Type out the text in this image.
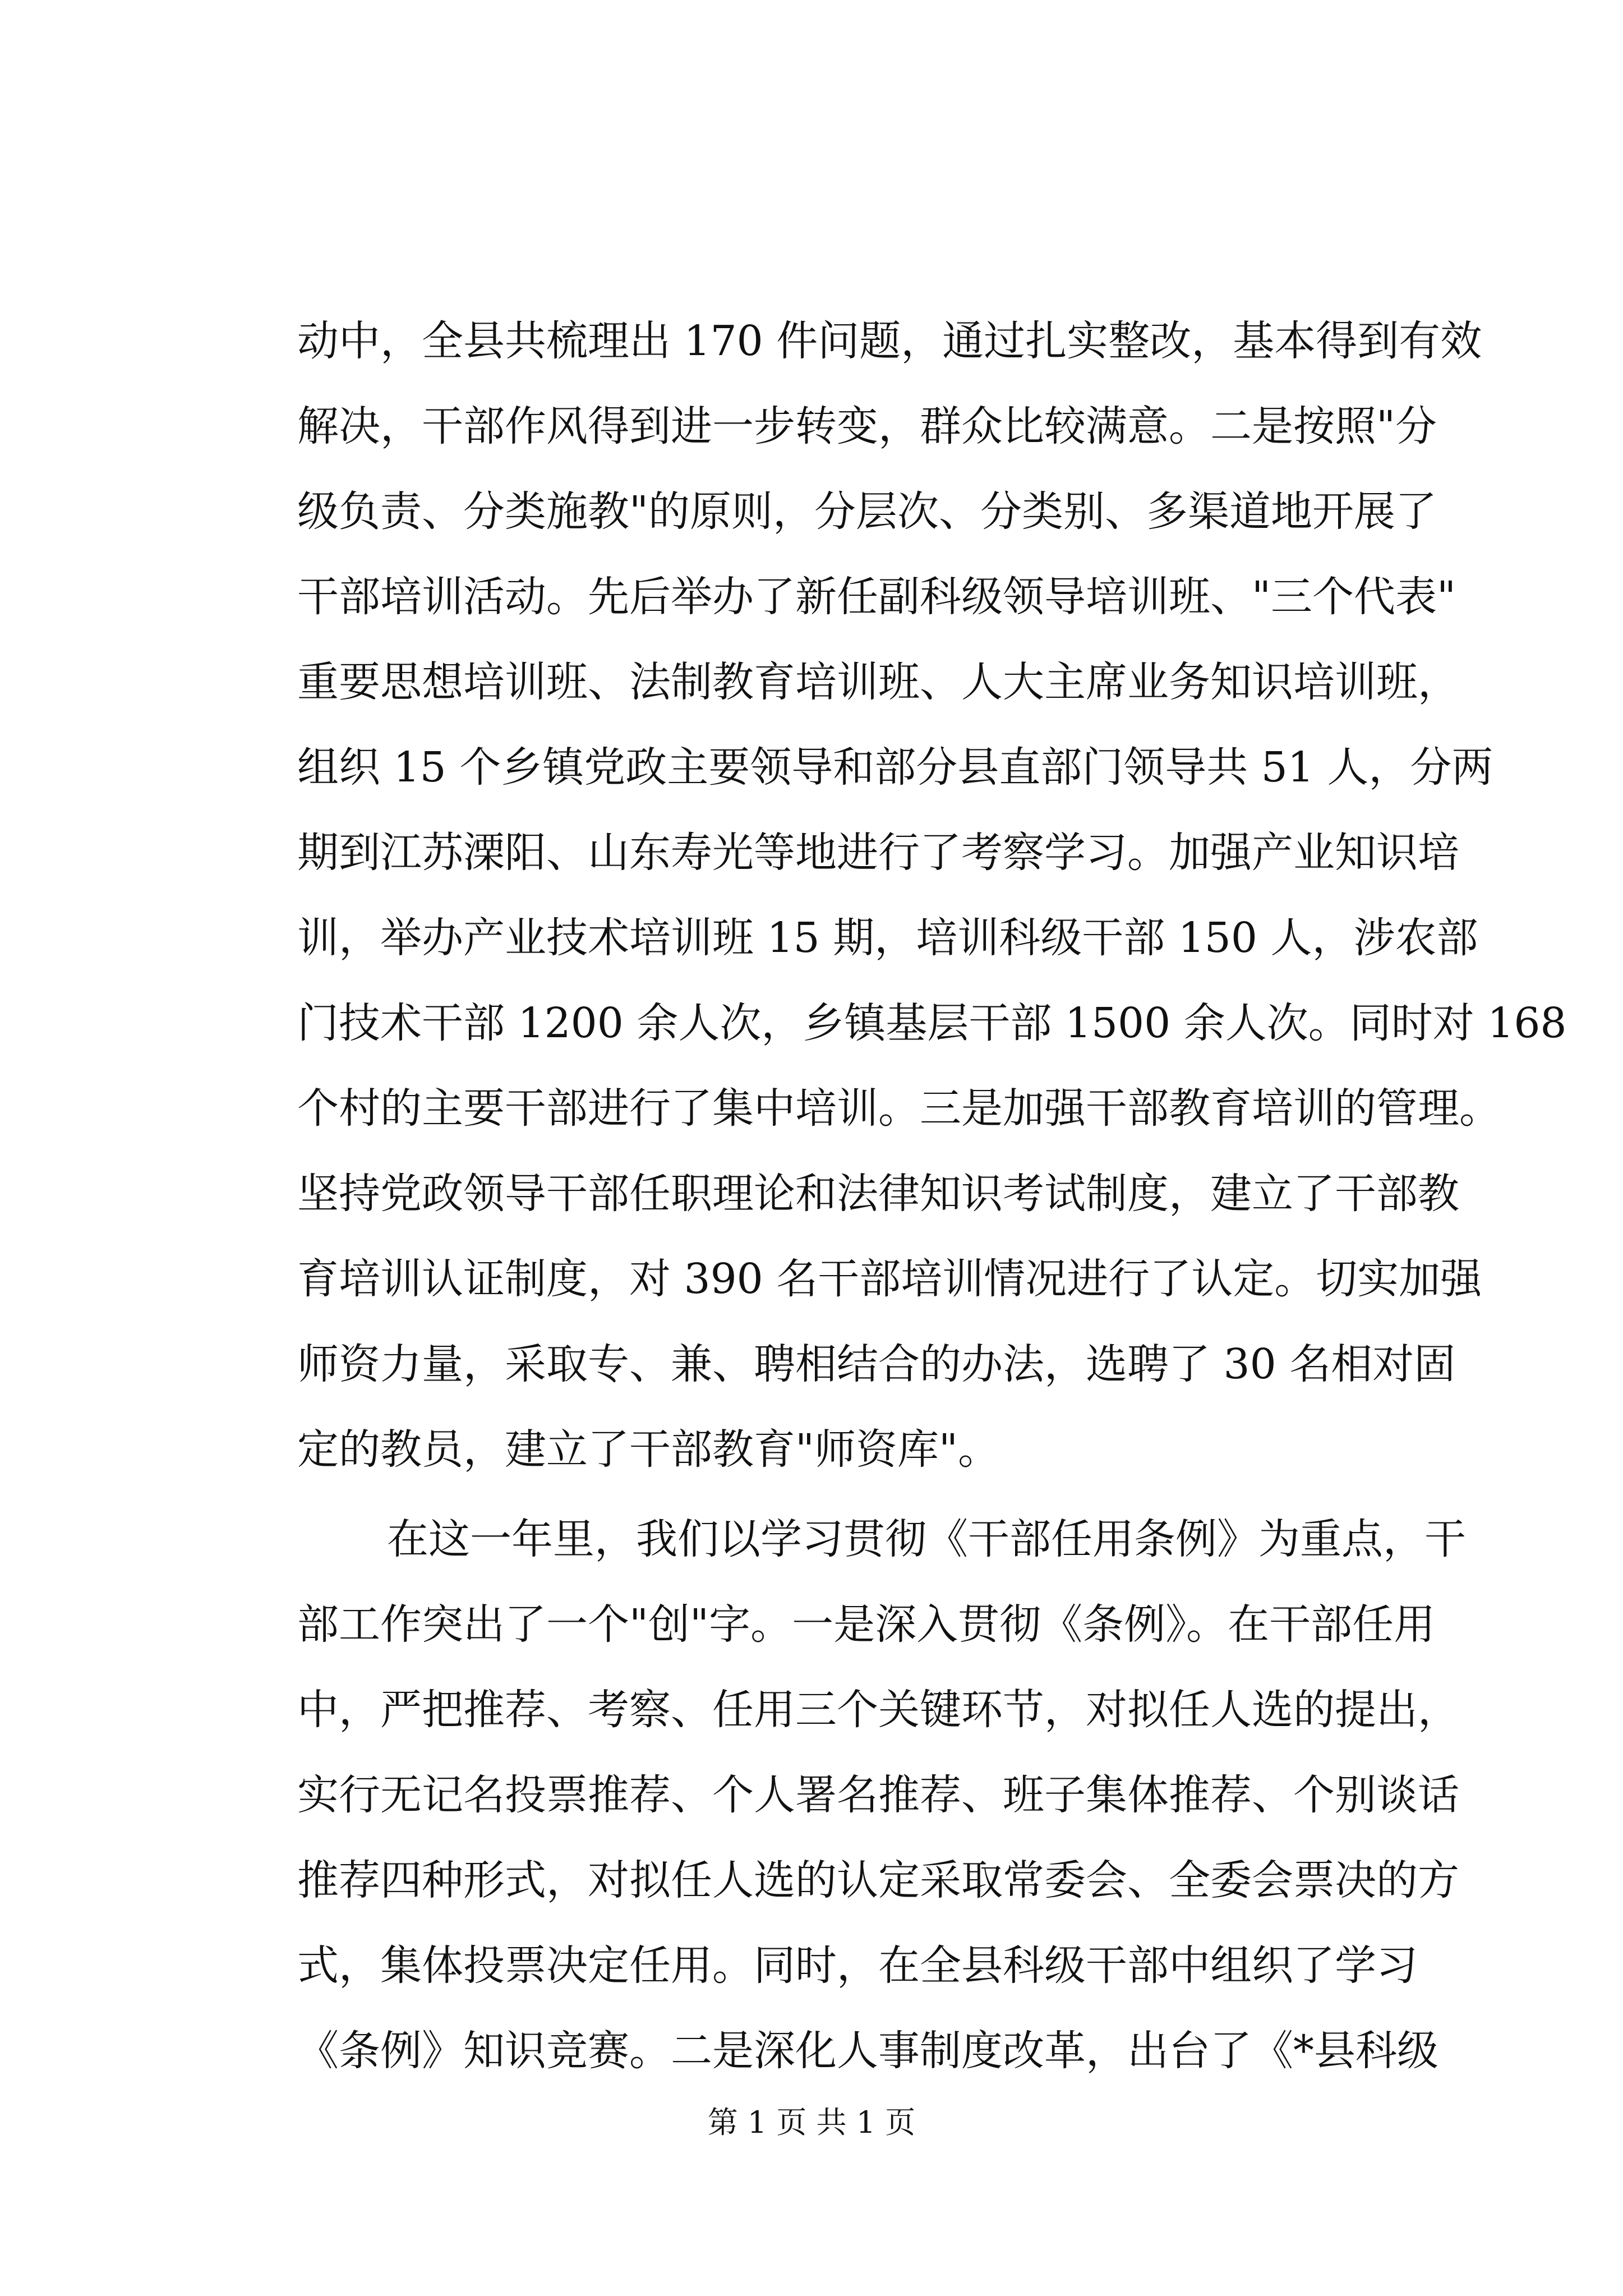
动中，全县共梳理出 170 件问题，通过扎实整改，基本得到有效
解决，干部作风得到进一步转变，群众比较满意。二是按照"分
级负责、分类施教"的原则，分层次、分类别、多渠道地开展了
干部培训活动。先后举办了新任副科级领导培训班、"三个代表"
重要思想培训班、法制教育培训班、人大主席业务知识培训班，
组织 15 个乡镇党政主要领导和部分县直部门领导共 51 人，分两
期到江苏溧阳、山东寿光等地进行了考察学习。加强产业知识培
训，举办产业技术培训班 15 期，培训科级干部 150 人，涉农部
门技术干部 1200 余人次，乡镇基层干部 1500 余人次。同时对 168
个村的主要干部进行了集中培训。三是加强干部教育培训的管理。
坚持党政领导干部任职理论和法律知识考试制度，建立了干部教
育培训认证制度，对 390 名干部培训情况进行了认定。切实加强
师资力量，采取专、兼、聘相结合的办法，选聘了 30 名相对固
定的教员，建立了干部教育"师资库"。
在这一年里，我们以学习贯彻《干部任用条例》为重点，干
部工作突出了一个"创"字。一是深入贯彻《条例》。在干部任用
中，严把推荐、考察、任用三个关键环节，对拟任人选的提出，
实行无记名投票推荐、个人署名推荐、班子集体推荐、个别谈话
推荐四种形式，对拟任人选的认定采取常委会、全委会票决的方
式，集体投票决定任用。同时，在全县科级干部中组织了学习
《条例》知识竞赛。二是深化人事制度改革，出台了《*县科级
第 1 页 共 1 页
